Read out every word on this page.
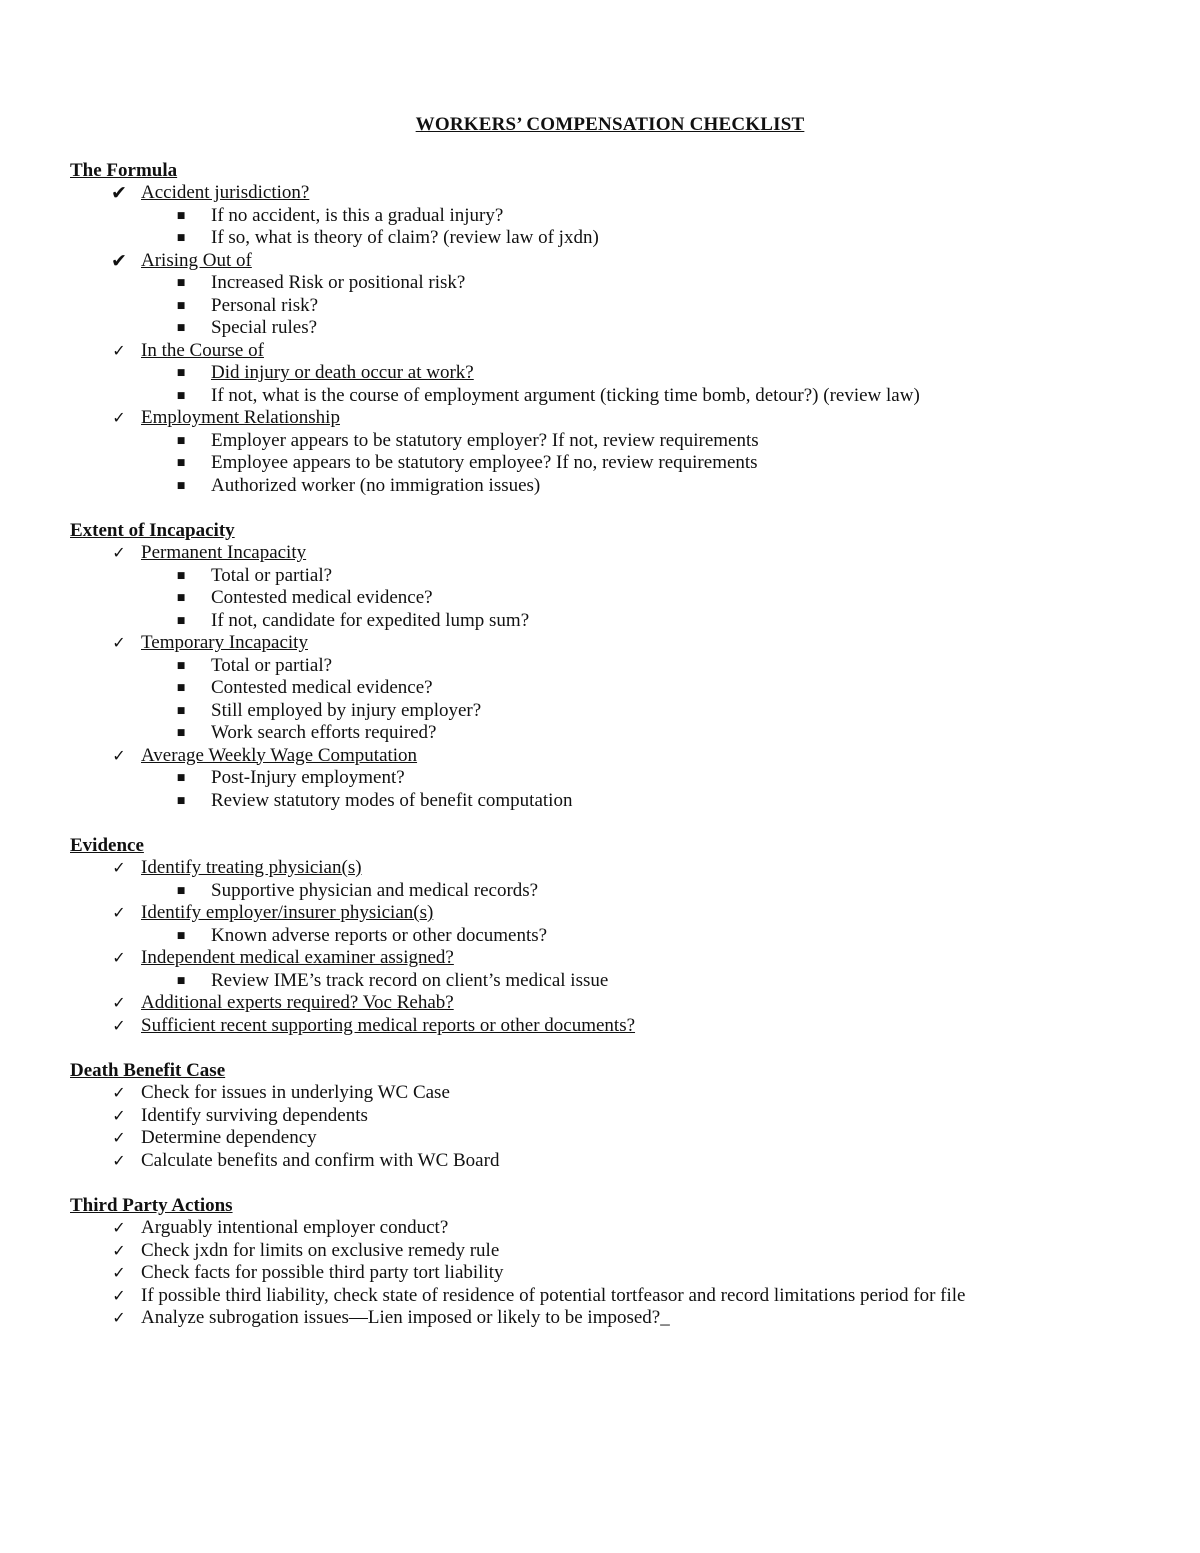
WORKERS’ COMPENSATION CHECKLIST
The Formula
✔ Accident jurisdiction?
■ If no accident, is this a gradual injury?
■ If so, what is theory of claim? (review law of jxdn)
✔ Arising Out of
■ Increased Risk or positional risk?
■ Personal risk?
■ Special rules?
✓ In the Course of
■ Did injury or death occur at work?
■ If not, what is the course of employment argument (ticking time bomb, detour?) (review law)
✓ Employment Relationship
■ Employer appears to be statutory employer? If not, review requirements
■ Employee appears to be statutory employee? If no, review requirements
■ Authorized worker (no immigration issues)
Extent of Incapacity
✓ Permanent Incapacity
■ Total or partial?
■ Contested medical evidence?
■ If not, candidate for expedited lump sum?
✓ Temporary Incapacity
■ Total or partial?
■ Contested medical evidence?
■ Still employed by injury employer?
■ Work search efforts required?
✓ Average Weekly Wage Computation
■ Post-Injury employment?
■ Review statutory modes of benefit computation
Evidence
✓ Identify treating physician(s)
■ Supportive physician and medical records?
✓ Identify employer/insurer physician(s)
■ Known adverse reports or other documents?
✓ Independent medical examiner assigned?
■ Review IME’s track record on client’s medical issue
✓ Additional experts required? Voc Rehab?
✓ Sufficient recent supporting medical reports or other documents?
Death Benefit Case
✓ Check for issues in underlying WC Case
✓ Identify surviving dependents
✓ Determine dependency
✓ Calculate benefits and confirm with WC Board
Third Party Actions
✓ Arguably intentional employer conduct?
✓ Check jxdn for limits on exclusive remedy rule
✓ Check facts for possible third party tort liability
✓ If possible third liability, check state of residence of potential tortfeasor and record limitations period for file
✓ Analyze subrogation issues—Lien imposed or likely to be imposed?_
